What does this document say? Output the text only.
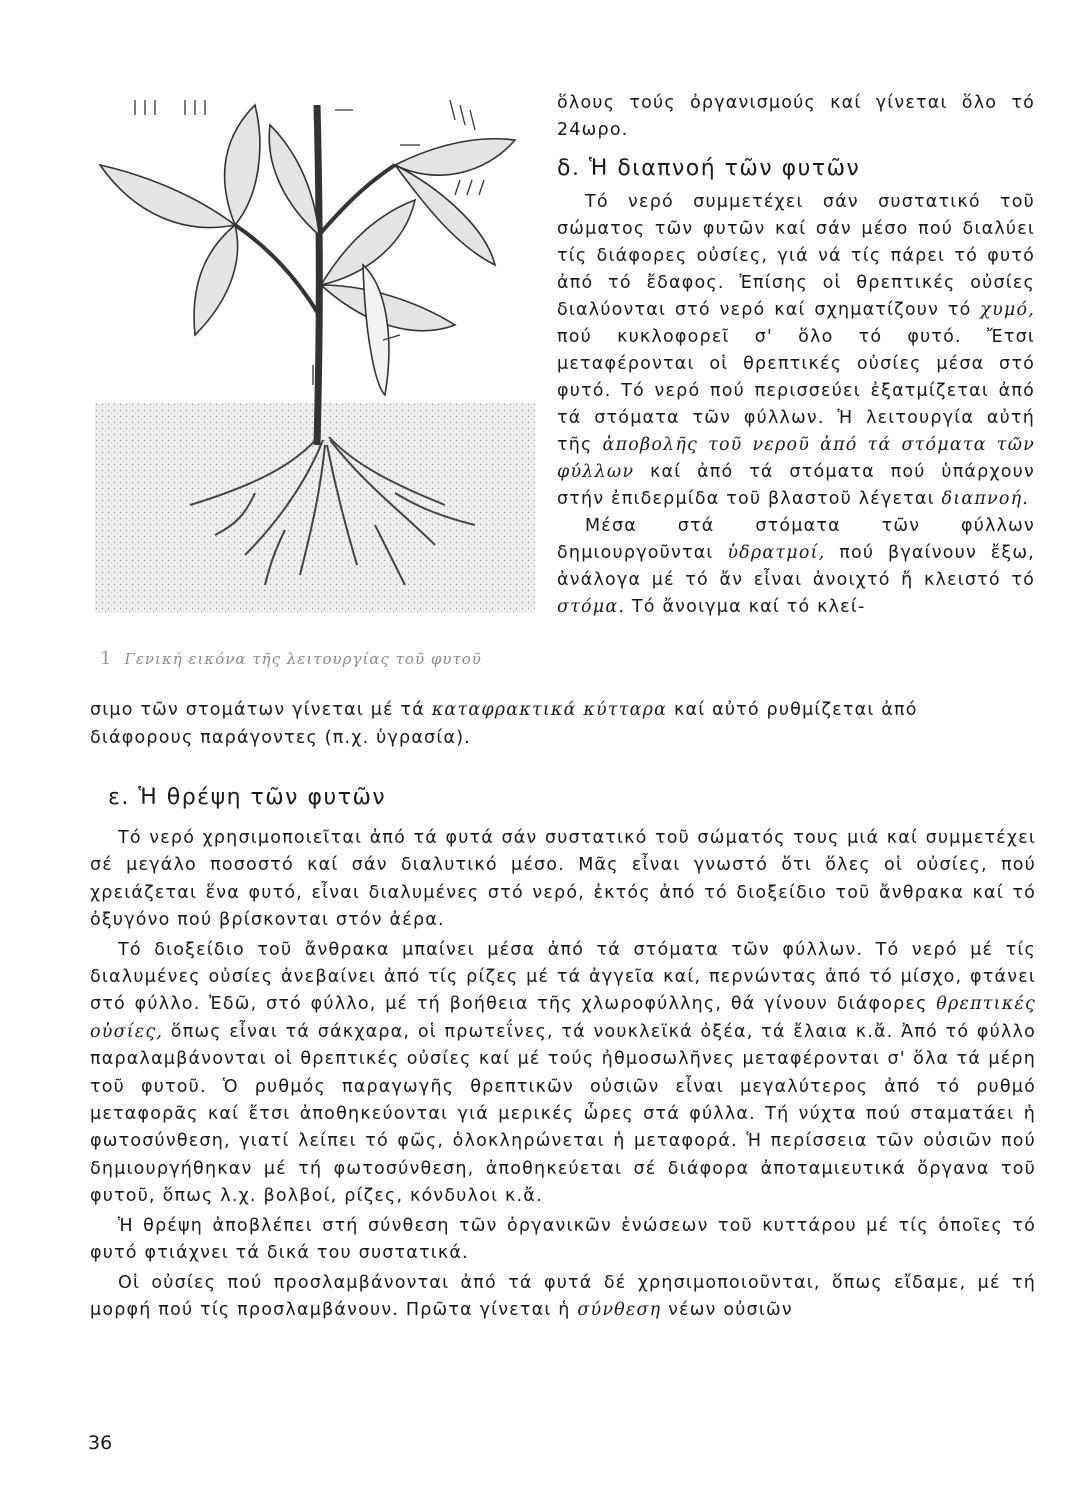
1 Γενική εικόνα τῆς λειτουργίας τοῦ φυτοῦ

ὅλους τούς ὀργανισμούς καί γίνεται ὅλο τό 24ωρο.

δ. Ἡ διαπνοή τῶν φυτῶν

Τό νερό συμμετέχει σάν συστατικό τοῦ σώματος τῶν φυτῶν καί σάν μέσο πού διαλύει τίς διάφορες οὐσίες, γιά νά τίς πάρει τό φυτό ἀπό τό ἔδαφος. Ἐπίσης οἱ θρεπτικές οὐσίες διαλύονται στό νερό καί σχηματίζουν τό χυμό, πού κυκλοφορεῖ σ' ὅλο τό φυτό. Ἔτσι μεταφέρονται οἱ θρεπτικές οὐσίες μέσα στό φυτό. Τό νερό πού περισσεύει ἐξατμίζεται ἀπό τά στόματα τῶν φύλλων. Ἡ λειτουργία αὐτή τῆς ἀποβολῆς τοῦ νεροῦ ἀπό τά στόματα τῶν φύλλων καί ἀπό τά στόματα πού ὑπάρχουν στήν ἐπιδερμίδα τοῦ βλαστοῦ λέγεται διαπνοή.

Μέσα στά στόματα τῶν φύλλων δημιουργοῦνται ὑδρατμοί, πού βγαίνουν ἔξω, ἀνάλογα μέ τό ἄν εἶναι ἀνοιχτό ἤ κλειστό τό στόμα. Τό ἄνοιγμα καί τό κλεί-

σιμο τῶν στομάτων γίνεται μέ τά καταφρακτικά κύτταρα καί αὐτό ρυθμίζεται ἀπό
διάφορους παράγοντες (π.χ. ὑγρασία).
ε. Ἡ θρέψη τῶν φυτῶν

Τό νερό χρησιμοποιεῖται ἀπό τά φυτά σάν συστατικό τοῦ σώματός τους μιά καί συμμετέχει σέ μεγάλο ποσοστό καί σάν διαλυτικό μέσο. Μᾶς εἶναι γνωστό ὅτι ὅλες οἱ οὐσίες, πού χρειάζεται ἕνα φυτό, εἶναι διαλυμένες στό νερό, ἐκτός ἀπό τό διοξείδιο τοῦ ἄνθρακα καί τό ὀξυγόνο πού βρίσκονται στόν ἀέρα.

Τό διοξείδιο τοῦ ἄνθρακα μπαίνει μέσα ἀπό τά στόματα τῶν φύλλων. Τό νερό μέ τίς διαλυμένες οὐσίες ἀνεβαίνει ἀπό τίς ρίζες μέ τά ἀγγεῖα καί, περνώντας ἀπό τό μίσχο, φτάνει στό φύλλο. Ἐδῶ, στό φύλλο, μέ τή βοήθεια τῆς χλωροφύλλης, θά γίνουν διάφορες θρεπτικές οὐσίες, ὅπως εἶναι τά σάκχαρα, οἱ πρωτεΐνες, τά νουκλεϊκά ὀξέα, τά ἔλαια κ.ἄ. Ἀπό τό φύλλο παραλαμβάνονται οἱ θρεπτικές οὐσίες καί μέ τούς ἠθμοσωλῆνες μεταφέρονται σ' ὅλα τά μέρη τοῦ φυτοῦ. Ὁ ρυθμός παραγωγῆς θρεπτικῶν οὐσιῶν εἶναι μεγαλύτερος ἀπό τό ρυθμό μεταφορᾶς καί ἔτσι ἀποθηκεύονται γιά μερικές ὧρες στά φύλλα. Τή νύχτα πού σταματάει ἡ φωτοσύνθεση, γιατί λείπει τό φῶς, ὁλοκληρώνεται ἡ μεταφορά. Ἡ περίσσεια τῶν οὐσιῶν πού δημιουργήθηκαν μέ τή φωτοσύνθεση, ἀποθηκεύεται σέ διάφορα ἀποταμιευτικά ὄργανα τοῦ φυτοῦ, ὅπως λ.χ. βολβοί, ρίζες, κόνδυλοι κ.ἄ.

Ἡ θρέψη ἀποβλέπει στή σύνθεση τῶν ὀργανικῶν ἑνώσεων τοῦ κυττάρου μέ τίς ὁποῖες τό φυτό φτιάχνει τά δικά του συστατικά.

Οἱ οὐσίες πού προσλαμβάνονται ἀπό τά φυτά δέ χρησιμοποιοῦνται, ὅπως εἴδαμε, μέ τή μορφή πού τίς προσλαμβάνουν. Πρῶτα γίνεται ἡ σύνθεση νέων οὐσιῶν

36
